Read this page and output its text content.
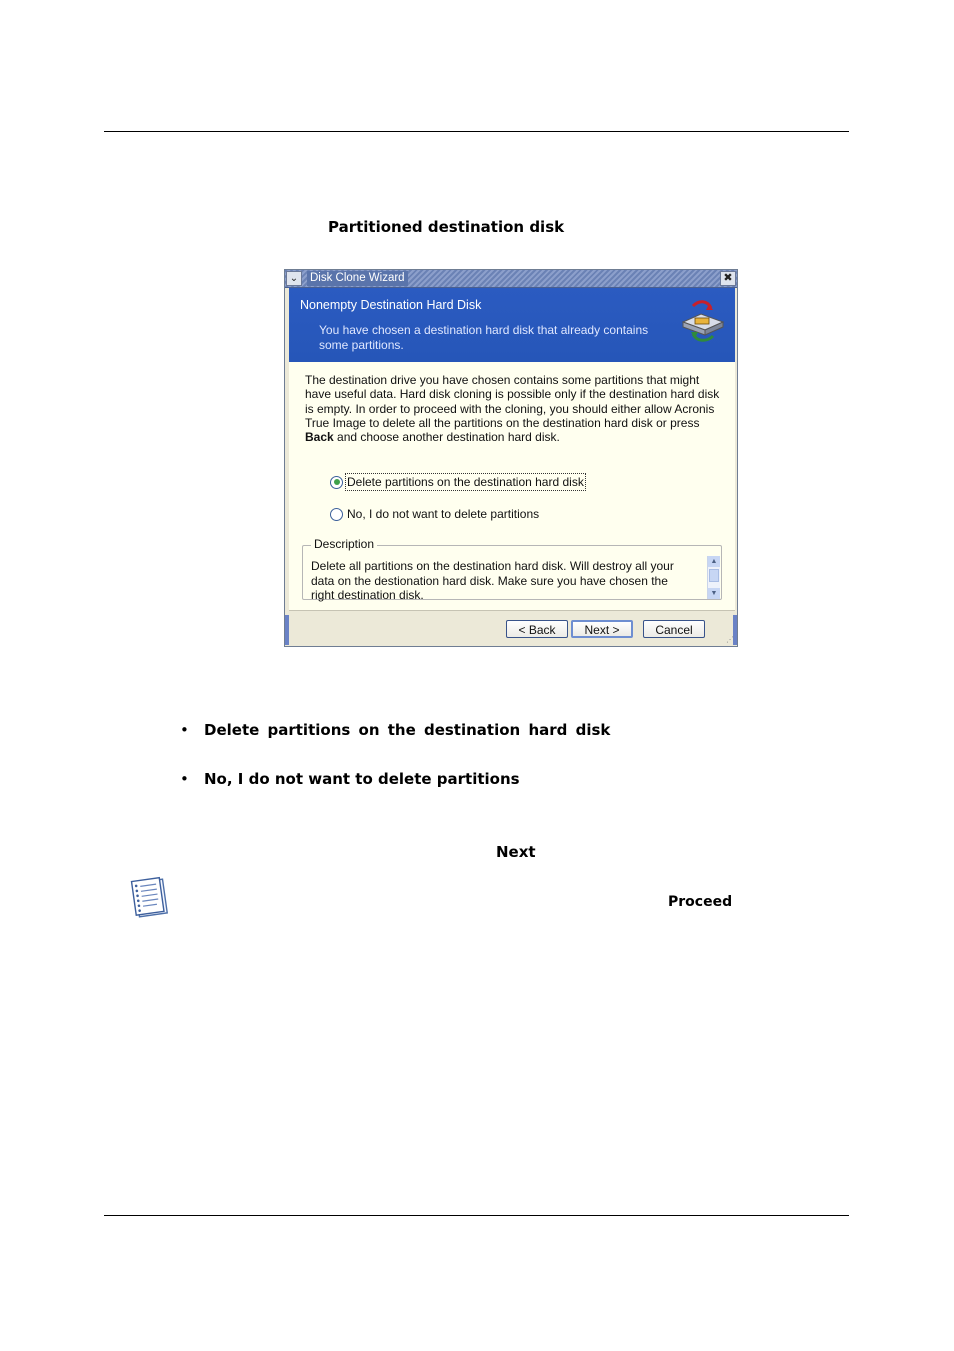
Partitioned destination disk
⌄	Disk Clone Wizard	✖
Nonempty Destination Hard Disk
You have chosen a destination hard disk that already contains some partitions.
The destination drive you have chosen contains some partitions that might have useful data. Hard disk cloning is possible only if the destination hard disk is empty. In order to proceed with the cloning, you should either allow Acronis True Image to delete all the partitions on the destination hard disk or press Back and choose another destination hard disk.
Delete partitions on the destination hard disk
No, I do not want to delete partitions
Description
Delete all partitions on the destination hard disk. Will destroy all your data on the destionation hard disk. Make sure you have chosen the right destination disk.
▲
▼
< Back	Next >	Cancel
⋰
• Delete partitions on the destination hard disk
• No, I do not want to delete partitions
Next
Proceed
